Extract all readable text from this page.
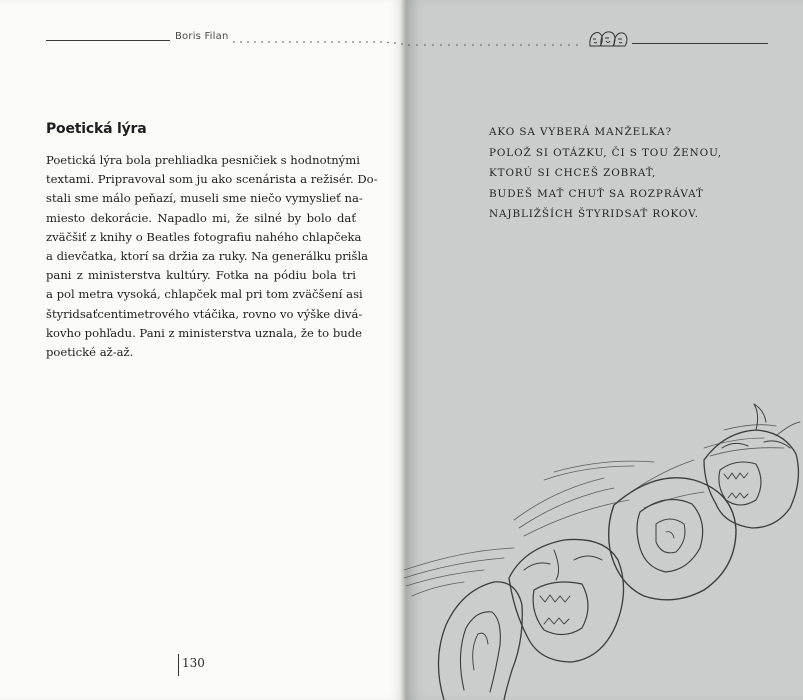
Boris Filan
Poetická lýra
Poetická lýra bola prehliadka pesničiek s hodnotnými
textami. Pripravoval som ju ako scenárista a režisér. Do-
stali sme málo peňazí, museli sme niečo vymyslieť na-
miesto dekorácie. Napadlo mi, že silné by bolo dať
zväčšiť z knihy o Beatles fotografiu nahého chlapčeka
a dievčatka, ktorí sa držia za ruky. Na generálku prišla
pani z ministerstva kultúry. Fotka na pódiu bola tri
a pol metra vysoká, chlapček mal pri tom zväčšení asi
štyridsaťcentimetrového vtáčika, rovno vo výške divá-
kovho pohľadu. Pani z ministerstva uznala, že to bude
poetické až-až.
130
AKO SA VYBERÁ MANŽELKA?
POLOŽ SI OTÁZKU, ČI S TOU ŽENOU,
KTORÚ SI CHCEŠ ZOBRAŤ,
BUDEŠ MAŤ CHUŤ SA ROZPRÁVAŤ
NAJBLIŽŠÍCH ŠTYRIDSAŤ ROKOV.
